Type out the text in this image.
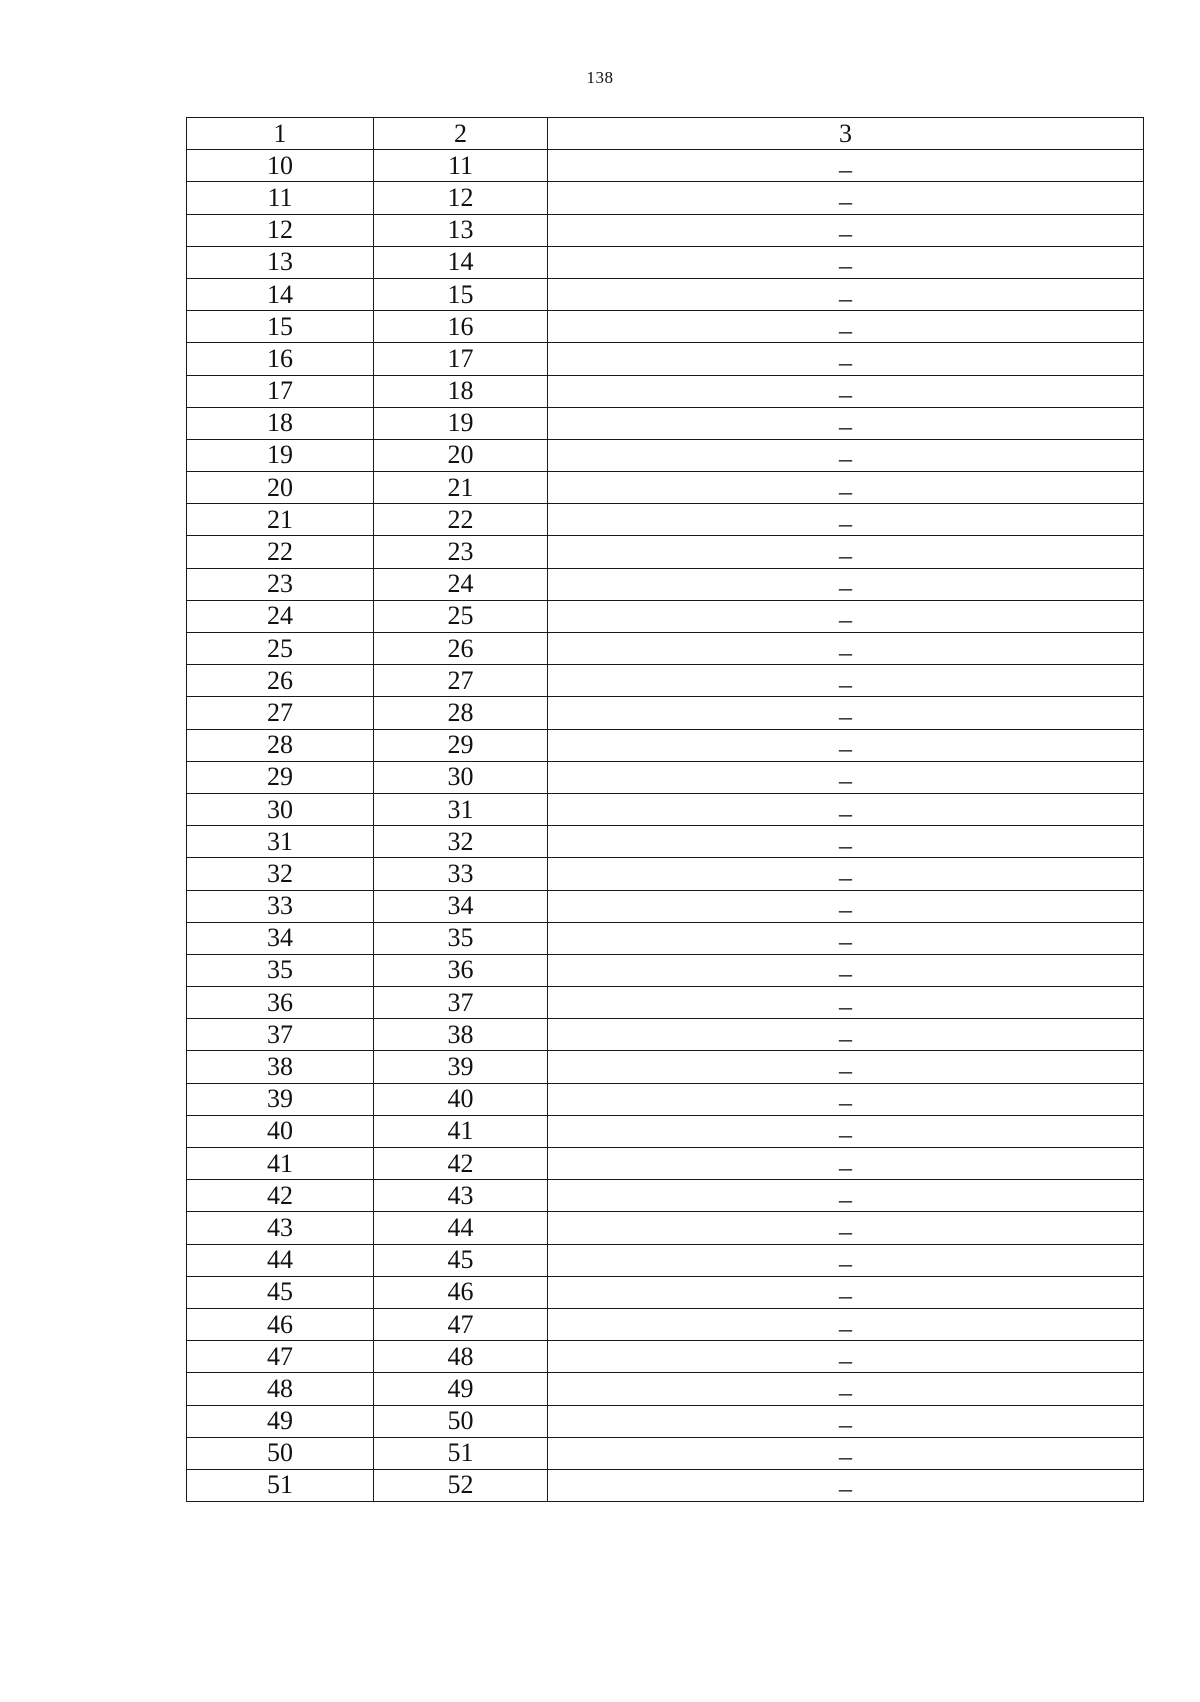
138
1	2	3
10	11	–
11	12	–
12	13	–
13	14	–
14	15	–
15	16	–
16	17	–
17	18	–
18	19	–
19	20	–
20	21	–
21	22	–
22	23	–
23	24	–
24	25	–
25	26	–
26	27	–
27	28	–
28	29	–
29	30	–
30	31	–
31	32	–
32	33	–
33	34	–
34	35	–
35	36	–
36	37	–
37	38	–
38	39	–
39	40	–
40	41	–
41	42	–
42	43	–
43	44	–
44	45	–
45	46	–
46	47	–
47	48	–
48	49	–
49	50	–
50	51	–
51	52	–
